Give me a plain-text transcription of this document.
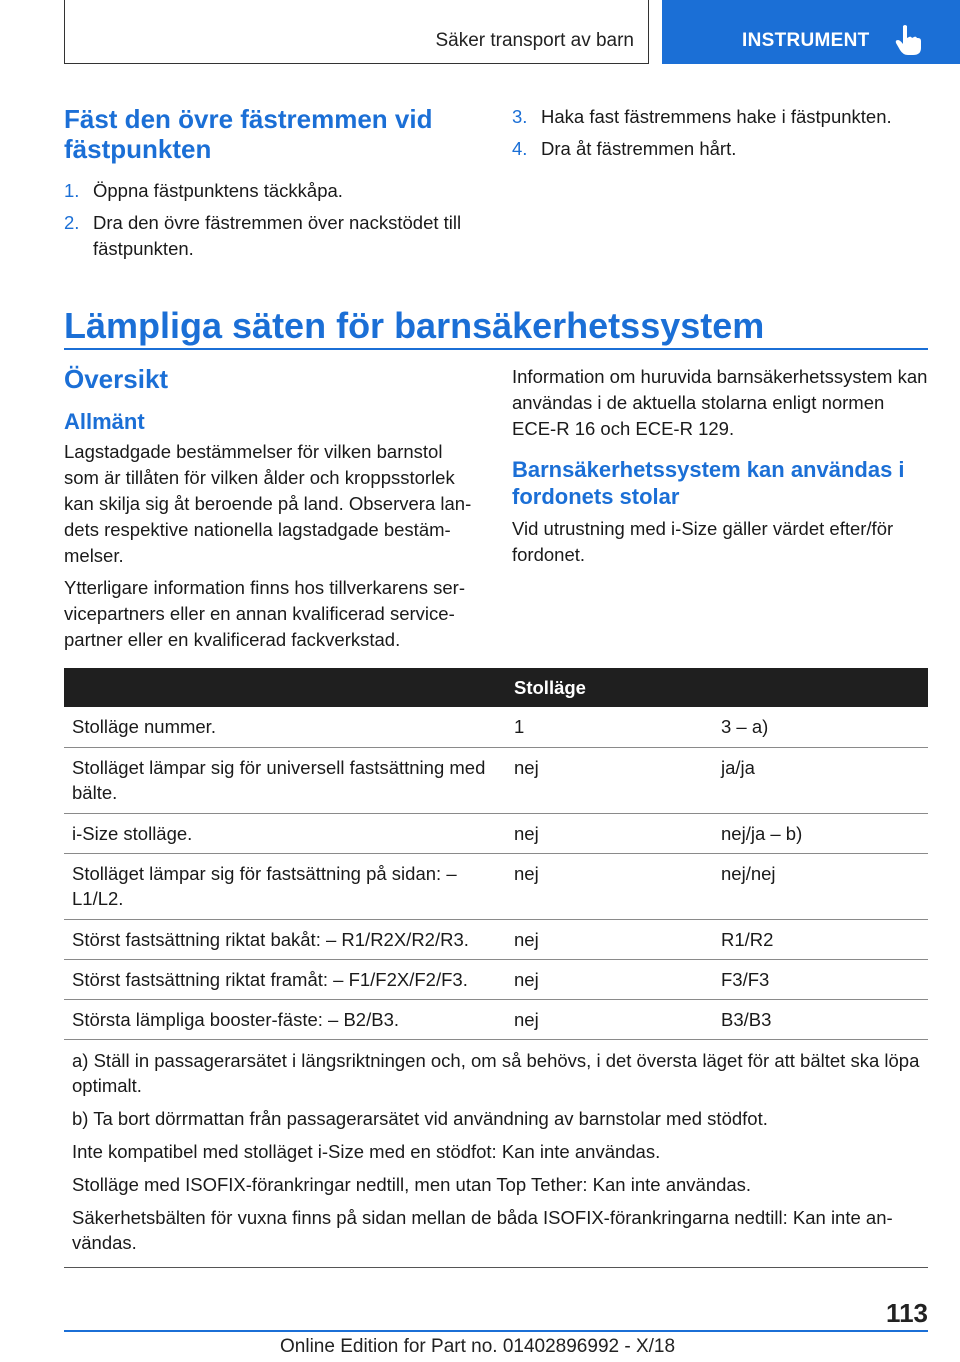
Säker transport av barn	INSTRUMENT
Fäst den övre fästremmen vid fästpunkten
1. Öppna fästpunktens täckkåpa.
2. Dra den övre fästremmen över nackstödet till fästpunkten.
3. Haka fast fästremmens hake i fästpunkten.
4. Dra åt fästremmen hårt.
Lämpliga säten för barnsäkerhetssystem
Översikt
Allmänt

Lagstadgade bestämmelser för vilken barnstol som är tillåten för vilken ålder och kroppsstorlek kan skilja sig åt beroende på land. Observera lan-dets respektive nationella lagstadgade bestäm-melser.

Ytterligare information finns hos tillverkarens ser-vicepartners eller en annan kvalificerad service-partner eller en kvalificerad fackverkstad.

Information om huruvida barnsäkerhetssystem kan användas i de aktuella stolarna enligt normen ECE-R 16 och ECE-R 129.

Barnsäkerhetssystem kan användas i fordonets stolar

Vid utrustning med i-Size gäller värdet efter/för fordonet.

	Stolläge	
Stolläge nummer.	1	3 – a)
Stolläget lämpar sig för universell fastsättning med bälte.	nej	ja/ja
i-Size stolläge.	nej	nej/ja – b)
Stolläget lämpar sig för fastsättning på sidan: – L1/L2.	nej	nej/nej
Störst fastsättning riktat bakåt: – R1/R2X/R2/R3.	nej	R1/R2
Störst fastsättning riktat framåt: – F1/F2X/F2/F3.	nej	F3/F3
Största lämpliga booster-fäste: – B2/B3.	nej	B3/B3

a) Ställ in passagerarsätet i längsriktningen och, om så behövs, i det översta läget för att bältet ska löpa optimalt.

b) Ta bort dörrmattan från passagerarsätet vid användning av barnstolar med stödfot.

Inte kompatibel med stolläget i-Size med en stödfot: Kan inte användas.

Stolläge med ISOFIX-förankringar nedtill, men utan Top Tether: Kan inte användas.

Säkerhetsbälten för vuxna finns på sidan mellan de båda ISOFIX-förankringarna nedtill: Kan inte an-vändas.		

113
Online Edition for Part no. 01402896992 - X/18
